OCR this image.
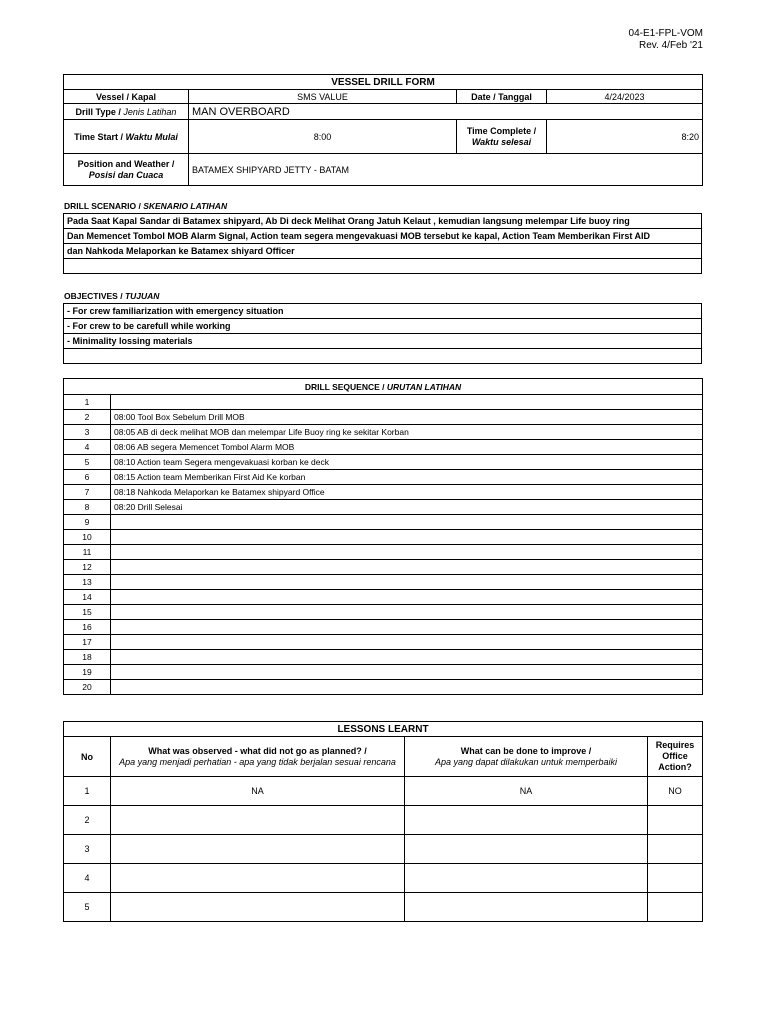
04-E1-FPL-VOM
Rev. 4/Feb '21
VESSEL DRILL FORM			
Vessel / Kapal	SMS VALUE	Date / Tanggal	4/24/2023
Drill Type / Jenis Latihan	MAN OVERBOARD		
Time Start / Waktu Mulai	8:00	Time Complete /
Waktu selesai	8:20
Position and Weather /
Posisi dan Cuaca	BATAMEX SHIPYARD JETTY - BATAM		
DRILL SCENARIO / SKENARIO LATIHAN
Pada Saat Kapal Sandar di Batamex shipyard, Ab Di deck Melihat Orang Jatuh Kelaut , kemudian langsung melempar Life buoy ring
Dan Memencet Tombol MOB Alarm Signal, Action team segera mengevakuasi MOB tersebut ke kapal, Action Team Memberikan First AID
dan Nahkoda Melaporkan ke Batamex shiyard Officer

OBJECTIVES / TUJUAN
- For crew familiarization with emergency situation
- For crew to be carefull while working
- Minimality lossing materials

DRILL SEQUENCE / URUTAN LATIHAN	
1	
2	08:00 Tool Box Sebelum Drill MOB
3	08:05 AB di deck melihat MOB dan melempar Life Buoy ring ke sekitar Korban
4	08:06 AB segera Memencet Tombol Alarm MOB
5	08:10 Action team Segera mengevakuasi korban ke deck
6	08:15 Action team Memberikan First Aid Ke korban
7	08:18 Nahkoda Melaporkan ke Batamex shipyard Office
8	08:20 Drill Selesai
9	
10	
11	
12	
13	
14	
15	
16	
17	
18	
19	
20	
LESSONS LEARNT			
No	What was observed - what did not go as planned? /
Apa yang menjadi perhatian - apa yang tidak berjalan sesuai rencana	What can be done to improve /
Apa yang dapat dilakukan untuk memperbaiki	Requires Office Action?
1	NA	NA	NO
2			
3			
4			
5			
